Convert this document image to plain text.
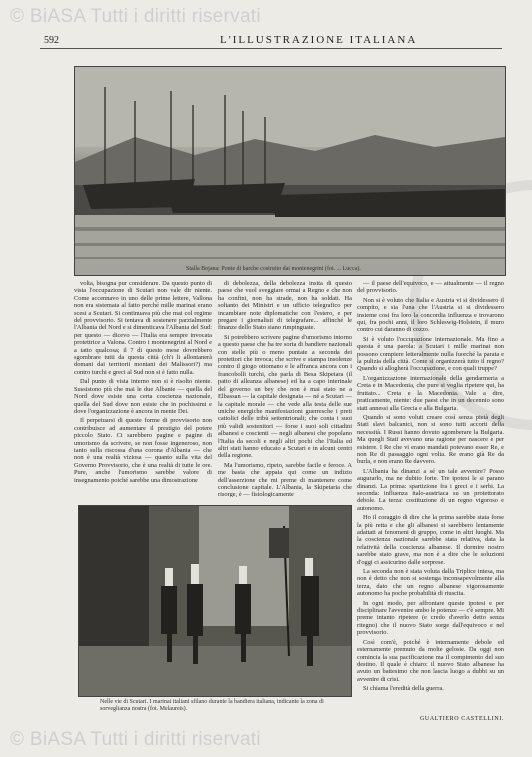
© BiASA Tutti i diritti riservati
592	L'ILLUSTRAZIONE ITALIANA
Stalla Bojana: Ponte di barche costruito dai montenegrini (fot. ... Lucca).

volta, bisogna pur considerare. Da questo punto di vista l'occupazione di Scutari non vale dir niente. Come accennavo in uno delle prime lettere, Vallona non era sistemata al fatto perché mille marinai erano scesi a Scutari. Si continuava più che mai col regime del provvisorio. Si tentava di sostenere parzialmente l'Albania del Nord e si dimenticava l'Albania del Sud: per questo — dicevo — l'Italia era sempre invocata protettrice a Valona. Contro i montenegrini al Nord e a tatto qualcosa; il 7 di questo mese dovrebbero sgombrare tutti da questa città (ch'i li allontanerà domani dai territorii montani dei Malissori?) ma contro turchi e greci al Sud non si è fatto nulla.

Dal punto di vista interno non si è risolto niente. Sussistono più che mai le due Albanie — quella del Nord dove esiste una certa coscienza nazionale, quella del Sud dove non esiste che in pochissimi e dove l'organizzazione è ancora in mente Dei.

Il perpetuarsi di queste forme di provvisorio non contribuisce ad aumentare il prestigio del potere piccolo Stato. Ci sarebbero pagine e pagine di umorismo da scrivere, se non fosse ingeneroso, non tanto sulla riscossa d'una corona d'Albania — che non è una realtà viziosa — quanto sulla vita del Governo Provvisorio, che è una realtà di tutte le ore. Pure, anche l'umorismo sarebbe valore di insegnamento poiché sarebbe una dimostrazione

di debolezza, della debolezza insita di questo paese che vuol sveggiare ormai a Regno e che non ha confini, non ha strade, non ha soldati. Ha soltanto dei Ministri e un ufficio telegrafico per incambiare note diplomatiche con l'estero, e per pregare i giornalisti di telegrafare... affinché le finanze dello Stato siano rimpinguate.

Si potrebbero scrivere pagine d'umorismo intorno a questo paese che ha tre sorta di bandiere nazionali con stelle più o meno puntate a seconda dei protettori che invoca; che scrive e stampa insolenze contro il giogo ottomano e le affranca ancora con i francobolli turchi, che parla di Besa Skipetara (il patto di alleanza albanese) ed ha a capo interinale del governo un bey che non è mai stato ne a Elbassan — la capitale designata — né a Scutari — la capitale morale — che vede alla testa delle sue uniche energiche manifestazioni guerresche i preti cattolici delle tribù settentrionali; che conta i suoi più validi sostenitori — forse i suoi soli cittadini albanesi e coscienti — negli albanesi che popolano l'Italia da secoli e negli altri pochi che l'Italia ed altri stati hanno educato a Scutari e in alcuni centri della regione.

Ma l'umorismo, ripeto, sarebbe facile e feroce. A me basta che appaia qui come un indizio dell'asserzione che mi preme di mantenere come conclusione capitale. L'Albania, la Skipetaria che risorge, è — fisiologicamente

— il paese dell'equivoco, e — attualmente — il regno del provvisorio.

Non si è voluto che Italia e Austria vi si dividessero il compito, e sia l'una che l'Austria si si dividessero insieme cosi fra loro la concordia influenza e trovarono qui, fra pochi anni, il loro Schleswig-Holstein, il muro contro cui daranno di cozzo.

Si è voluto l'occupazione internazionale. Ma fino a questa è una parola: a Scutari i mille marinai non possono compiere letteralmente nulla fuorché la parata e la pulizia della città. Come si organizzerà tutto il regno? Quando si allogherà l'occupazione, e con quali truppe?

L'organizzazione internazionale della gendarmeria a Creta e in Macedonia, che pure si voglia ripetere qui, ha fruttato... Creta e la Macedonia. Vale a dire, praticamente, niente: due paesi che in un decennio sono stati annessi alla Grecia e alla Bulgaria.

Quando si sono voluti creare così senza pietà degli Stati slavi balcanici, non si sono tutti accorti della necessità. I Russi hanno dovuto sgomberare la Bulgaria. Ma quegli Stati avevano una ragione per nascere e per esistere. I Re che vi erano mandati potevano esser Re, e non Re di passaggio ogni volta. Re erano già Re da burla, e non erano Re davvero.

L'Albania ha dinanzi a sé un tale avvenire? Posso augurarlo, ma ne dubito forte. Tre ipotesi le si parano dinanzi. La prima: spartizione fra i greci e i serbi. La seconda: influenza italo-austriaca su un protettorato debole. La terza: costituzione di un regno vigoroso e autonomo.

Ho il coraggio di dire che la prima sarebbe stata forse la più retta e che gli albanesi si sarebbero lentamente adattati ai fenomeni di gruppo, come in altri luoghi. Ma la coscienza nazionale sarebbe stata relativa, data la relatività della coscienza albanese. Il dormire nostro sarebbe stato grave, ma non è a dire che le soluzioni d'oggi ci assicurino dalle sorprese.

La seconda non è stata voluta dalla Triplice intesa, ma non è detto che non si sostenga inconsapevolmente alla terza, dato che un regno albanese vigorosamente autonomo ha poche probabilità di riuscita.

In ogni modo, per affrontare queste ipotesi e per disciplinare l'avvenire ambo le potenze — c'è sempre. Mi preme intanto ripetere (e credo d'averlo detto senza ritegno) che il nuovo Stato sorge dall'equivoco e nel provvisorio.

Così com'è, poiché è internamente debole ed esternamente premuto da molte gelosie. Da oggi non comincia la sua pacificazione ma il compimento del suo destino. Il quale è chiaro: il nuovo Stato albanese ha avuto un battesimo che non lascia luogo a dubbi su un avvenire di crisi.

Si chiama l'eredità della guerra.

GUALTIERO CASTELLINI.
Nelle vie di Scutari. I marinai italiani sfilano durante la bandiera italiana, indicante la zona di sorveglianza nostra (fot. Melaureis).
© BiASA Tutti i diritti riservati
